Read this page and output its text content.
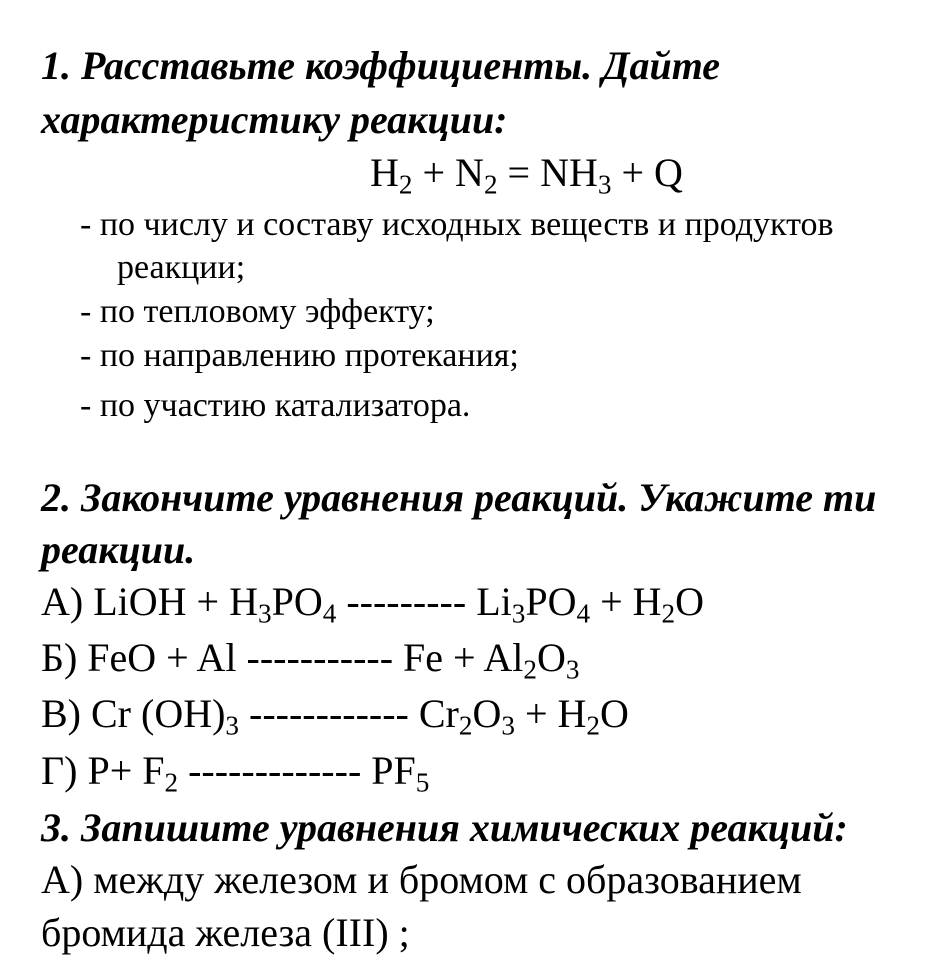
1. Расставьте коэффициенты. Дайте
характеристику реакции:
$H_2 + N_2 = NH_3 + Q$
- по числу и составу исходных веществ и продуктов
реакции;
- по тепловому эффекту;
- по направлению протекания;
- по участию катализатора.
2. Закончите уравнения реакций. Укажите ти
реакции.
А) LiOH + $H_3PO_4$ --------- $Li_3PO_4 + H_2O$
Б) FeO + Al ----------- $Fe + Al_2O_3$
В) Cr $(OH)_3$ ------------ $Cr_2O_3 + H_2O$
Г) $P+ F_2$ ------------- $PF_5$
3. Запишите уравнения химических реакций:
А) между железом и бромом с образованием
бромида железа (III) ;
